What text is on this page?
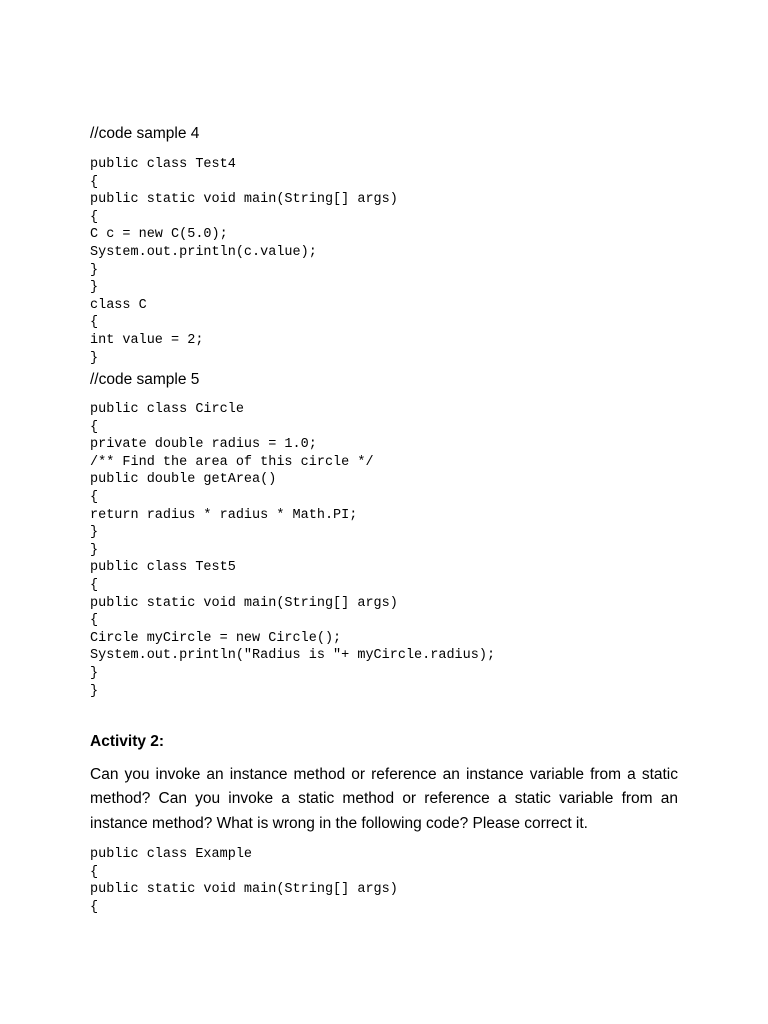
//code sample 4
public class Test4
{
public static void main(String[] args)
{
C c = new C(5.0);
System.out.println(c.value);
}
}
class C
{
int value = 2;
}
//code sample 5
public class Circle
{
private double radius = 1.0;
/** Find the area of this circle */
public double getArea()
{
return radius * radius * Math.PI;
}
}
public class Test5
{
public static void main(String[] args)
{
Circle myCircle = new Circle();
System.out.println("Radius is "+ myCircle.radius);
}
}
Activity 2:

Can you invoke an instance method or reference an instance variable from a static method? Can you invoke a static method or reference a static variable from an instance method? What is wrong in the following code? Please correct it.

public class Example
{
public static void main(String[] args)
{
